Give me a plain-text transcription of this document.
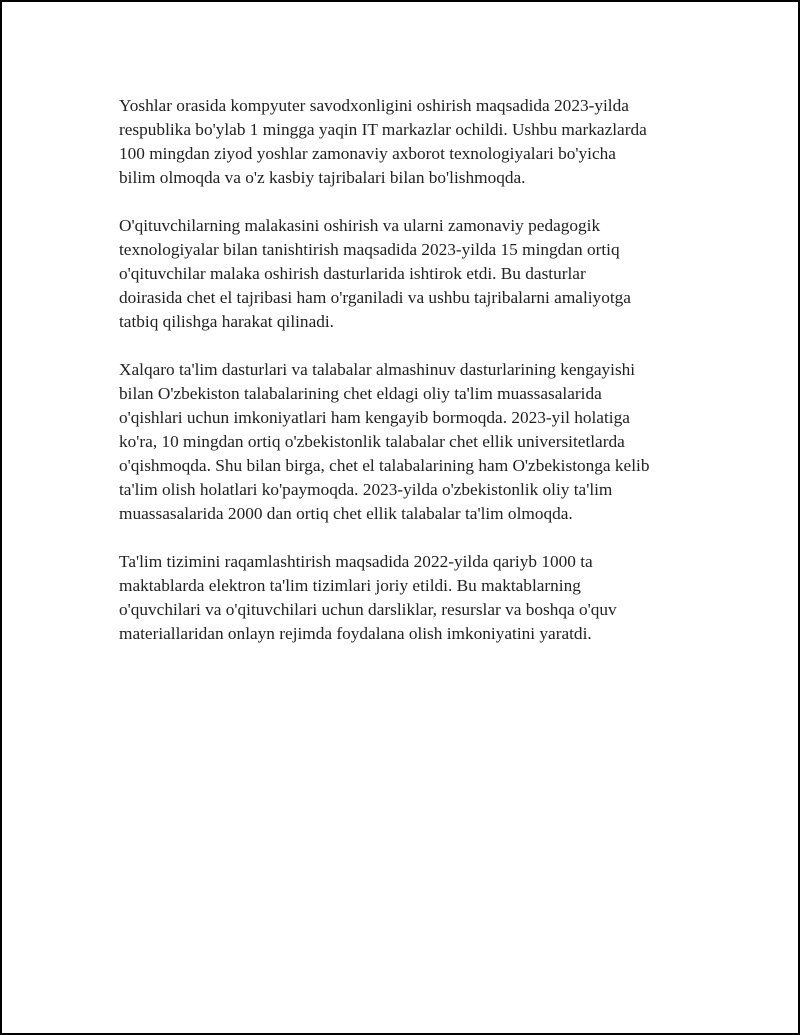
Yoshlar orasida kompyuter savodxonligini oshirish maqsadida 2023-yilda
respublika bo'ylab 1 mingga yaqin IT markazlar ochildi. Ushbu markazlarda
100 mingdan ziyod yoshlar zamonaviy axborot texnologiyalari bo'yicha
bilim olmoqda va o'z kasbiy tajribalari bilan bo'lishmoqda.

O'qituvchilarning malakasini oshirish va ularni zamonaviy pedagogik
texnologiyalar bilan tanishtirish maqsadida 2023-yilda 15 mingdan ortiq
o'qituvchilar malaka oshirish dasturlarida ishtirok etdi. Bu dasturlar
doirasida chet el tajribasi ham o'rganiladi va ushbu tajribalarni amaliyotga
tatbiq qilishga harakat qilinadi.

Xalqaro ta'lim dasturlari va talabalar almashinuv dasturlarining kengayishi
bilan O'zbekiston talabalarining chet eldagi oliy ta'lim muassasalarida
o'qishlari uchun imkoniyatlari ham kengayib bormoqda. 2023-yil holatiga
ko'ra, 10 mingdan ortiq o'zbekistonlik talabalar chet ellik universitetlarda
o'qishmoqda. Shu bilan birga, chet el talabalarining ham O'zbekistonga kelib
ta'lim olish holatlari ko'paymoqda. 2023-yilda o'zbekistonlik oliy ta'lim
muassasalarida 2000 dan ortiq chet ellik talabalar ta'lim olmoqda.

Ta'lim tizimini raqamlashtirish maqsadida 2022-yilda qariyb 1000 ta
maktablarda elektron ta'lim tizimlari joriy etildi. Bu maktablarning
o'quvchilari va o'qituvchilari uchun darsliklar, resurslar va boshqa o'quv
materiallaridan onlayn rejimda foydalana olish imkoniyatini yaratdi.
